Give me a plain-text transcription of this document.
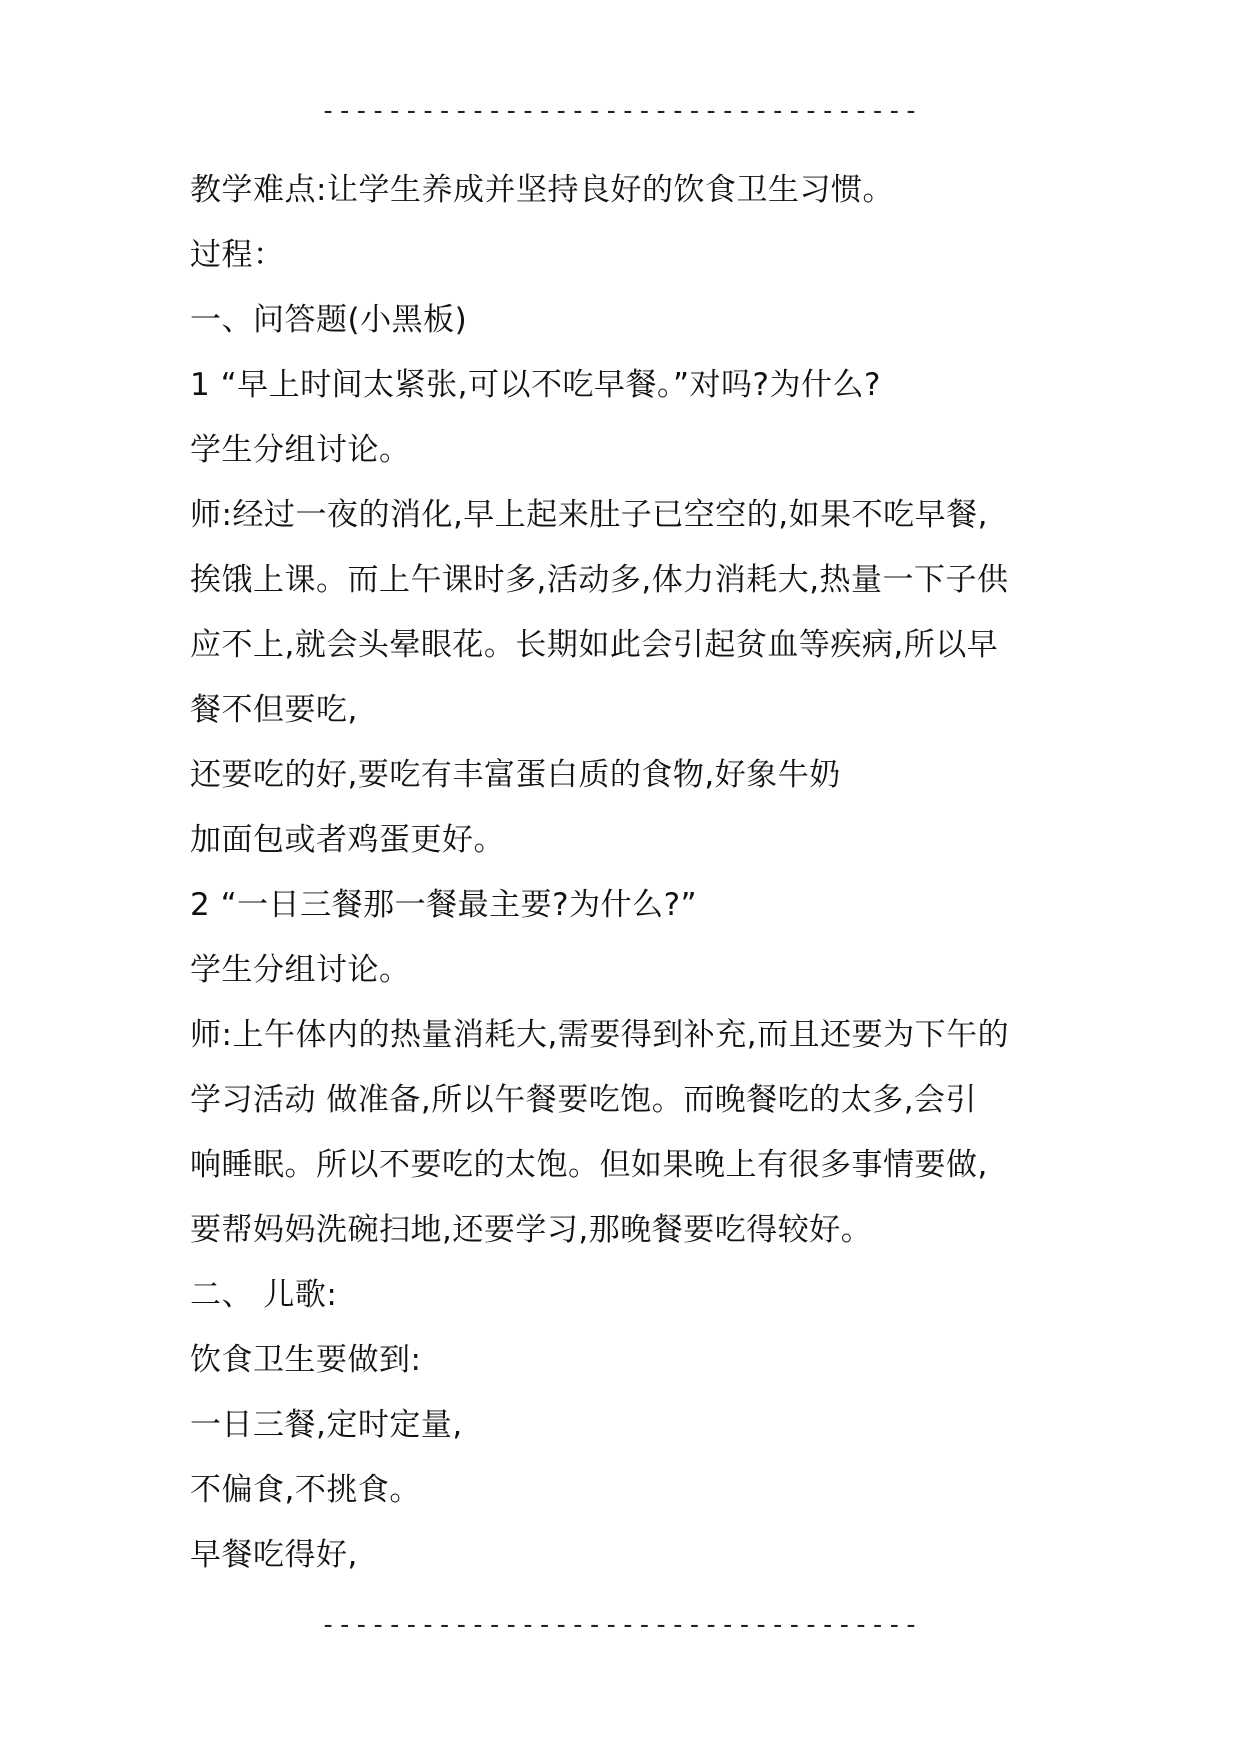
------------------------------------
教学难点:让学生养成并坚持良好的饮食卫生习惯。
过程：
一、问答题(小黑板)
1 “早上时间太紧张,可以不吃早餐。”对吗?为什么?
学生分组讨论。
师:经过一夜的消化,早上起来肚子已空空的,如果不吃早餐,
挨饿上课。而上午课时多,活动多,体力消耗大,热量一下子供
应不上,就会头晕眼花。长期如此会引起贫血等疾病,所以早
餐不但要吃,
还要吃的好,要吃有丰富蛋白质的食物,好象牛奶
加面包或者鸡蛋更好。
2 “一日三餐那一餐最主要?为什么?”
学生分组讨论。
师:上午体内的热量消耗大,需要得到补充,而且还要为下午的
学习活动 做准备,所以午餐要吃饱。而晚餐吃的太多,会引
响睡眠。所以不要吃的太饱。但如果晚上有很多事情要做,
要帮妈妈洗碗扫地,还要学习,那晚餐要吃得较好。
二、 儿歌:
饮食卫生要做到:
一日三餐,定时定量,
不偏食,不挑食。
早餐吃得好,
------------------------------------
